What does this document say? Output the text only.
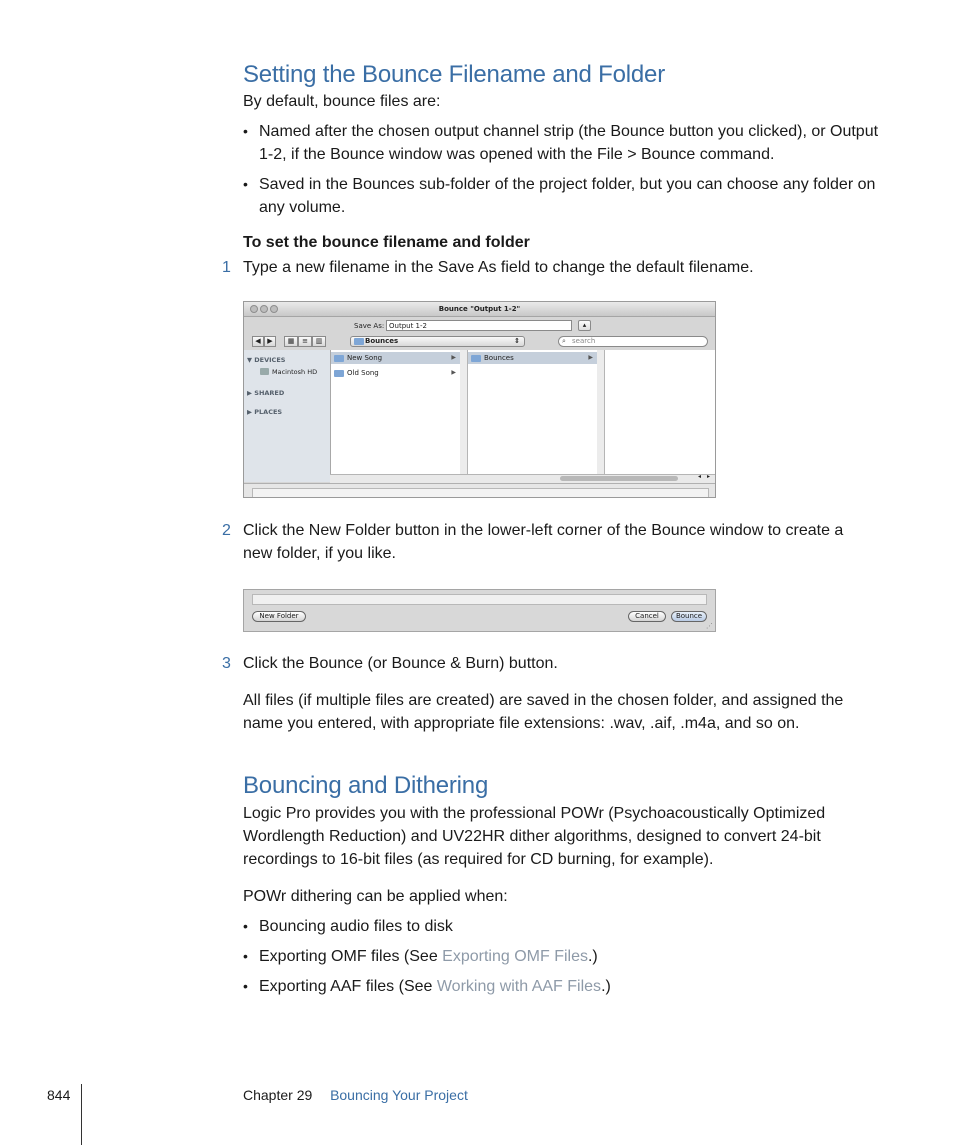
Setting the Bounce Filename and Folder
By default, bounce files are:
• Named after the chosen output channel strip (the Bounce button you clicked), or Output 1-2, if the Bounce window was opened with the File > Bounce command.
• Saved in the Bounces sub-folder of the project folder, but you can choose any folder on any volume.
To set the bounce filename and folder
1 Type a new filename in the Save As field to change the default filename.
Bounce "Output 1-2"
Save As: Output 1-2	▴
◀ ▶	▦	≡	▥	Bounces	⇕	⌕ search
▼ DEVICES
Macintosh HD
▶ SHARED
▶ PLACES
New Song	▶
Old Song	▶
Bounces	▶
◂ ▸
2 Click the New Folder button in the lower-left corner of the Bounce window to create a new folder, if you like.
New Folder	Cancel	Bounce
⋰
3 Click the Bounce (or Bounce & Burn) button.
All files (if multiple files are created) are saved in the chosen folder, and assigned the name you entered, with appropriate file extensions: .wav, .aif, .m4a, and so on.
Bouncing and Dithering
Logic Pro provides you with the professional POWr (Psychoacoustically Optimized Wordlength Reduction) and UV22HR dither algorithms, designed to convert 24-bit recordings to 16-bit files (as required for CD burning, for example).
POWr dithering can be applied when:
• Bouncing audio files to disk
• Exporting OMF files (See Exporting OMF Files.)
• Exporting AAF files (See Working with AAF Files.)
844	Chapter 29 Bouncing Your Project
